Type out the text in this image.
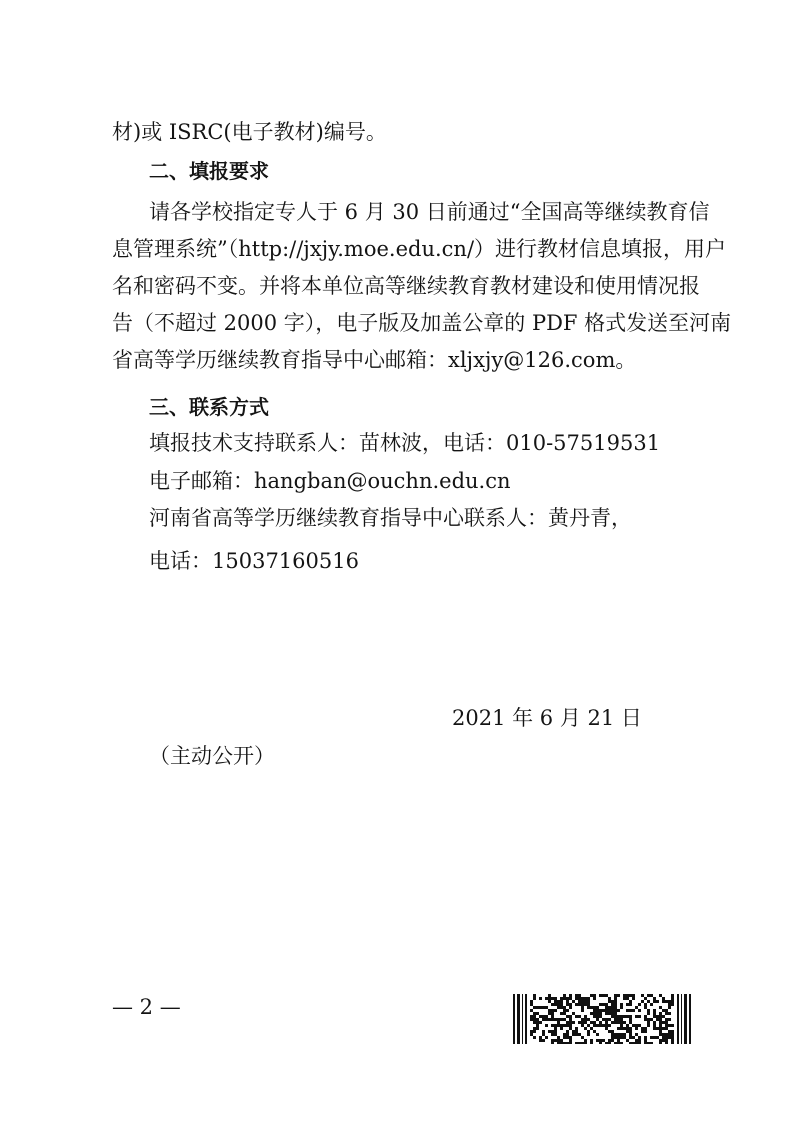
材)或 ISRC(电子教材)编号。
二、填报要求
请各学校指定专人于 6 月 30 日前通过“全国高等继续教育信
息管理系统”（http://jxjy.moe.edu.cn/）进行教材信息填报，用户
名和密码不变。并将本单位高等继续教育教材建设和使用情况报
告（不超过 2000 字），电子版及加盖公章的 PDF 格式发送至河南
省高等学历继续教育指导中心邮箱：xljxjy@126.com。
三、联系方式
填报技术支持联系人：苗林波，电话：010-57519531
电子邮箱：hangban@ouchn.edu.cn
河南省高等学历继续教育指导中心联系人：黄丹青，
电话：15037160516
2021 年 6 月 21 日
（主动公开）
— 2 —
